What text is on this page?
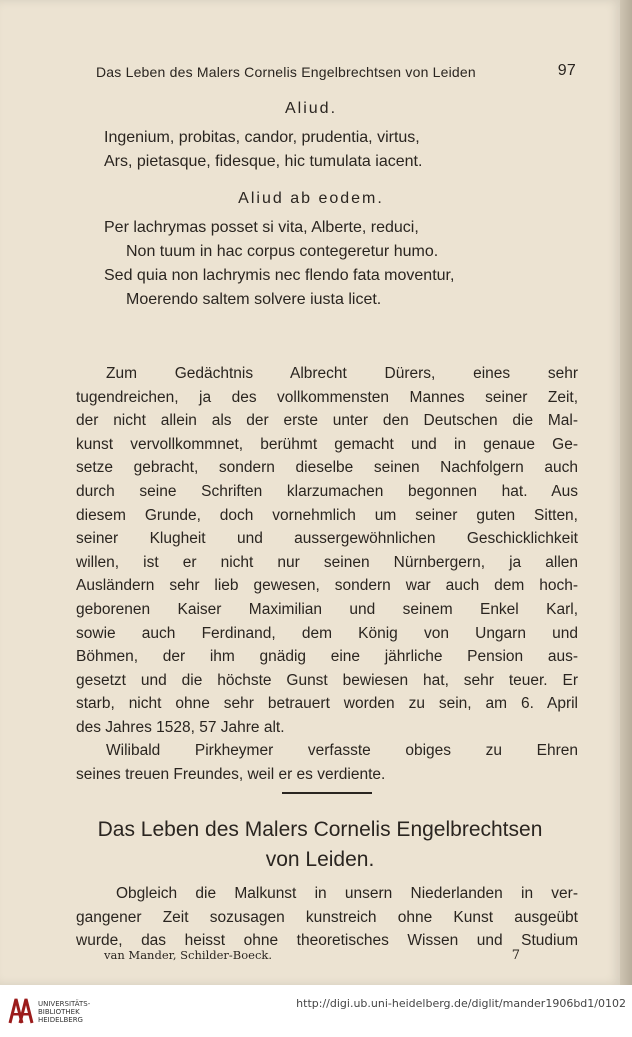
Das Leben des Malers Cornelis Engelbrechtsen von Leiden	97
Aliud.
Ingenium, probitas, candor, prudentia, virtus,
Ars, pietasque, fidesque, hic tumulata iacent.
Aliud ab eodem.
Per lachrymas posset si vita, Alberte, reduci,
Non tuum in hac corpus contegeretur humo.
Sed quia non lachrymis nec flendo fata moventur,
Moerendo saltem solvere iusta licet.
Zum Gedächtnis Albrecht Dürers, eines sehr
tugendreichen, ja des vollkommensten Mannes seiner Zeit,
der nicht allein als der erste unter den Deutschen die Mal-
kunst vervollkommnet, berühmt gemacht und in genaue Ge-
setze gebracht, sondern dieselbe seinen Nachfolgern auch
durch seine Schriften klarzumachen begonnen hat. Aus
diesem Grunde, doch vornehmlich um seiner guten Sitten,
seiner Klugheit und aussergewöhnlichen Geschicklichkeit
willen, ist er nicht nur seinen Nürnbergern, ja allen
Ausländern sehr lieb gewesen, sondern war auch dem hoch-
geborenen Kaiser Maximilian und seinem Enkel Karl,
sowie auch Ferdinand, dem König von Ungarn und
Böhmen, der ihm gnädig eine jährliche Pension aus-
gesetzt und die höchste Gunst bewiesen hat, sehr teuer. Er
starb, nicht ohne sehr betrauert worden zu sein, am 6. April
des Jahres 1528, 57 Jahre alt.
Wilibald Pirkheymer verfasste obiges zu Ehren
seines treuen Freundes, weil er es verdiente.
Das Leben des Malers Cornelis Engelbrechtsen
von Leiden.
Obgleich die Malkunst in unsern Niederlanden in ver-
gangener Zeit sozusagen kunstreich ohne Kunst ausgeübt
wurde, das heisst ohne theoretisches Wissen und Studium
van Mander, Schilder-Boeck.	7
UNIVERSITÄTS-
BIBLIOTHEK
HEIDELBERG
http://digi.ub.uni-heidelberg.de/diglit/mander1906bd1/0102
